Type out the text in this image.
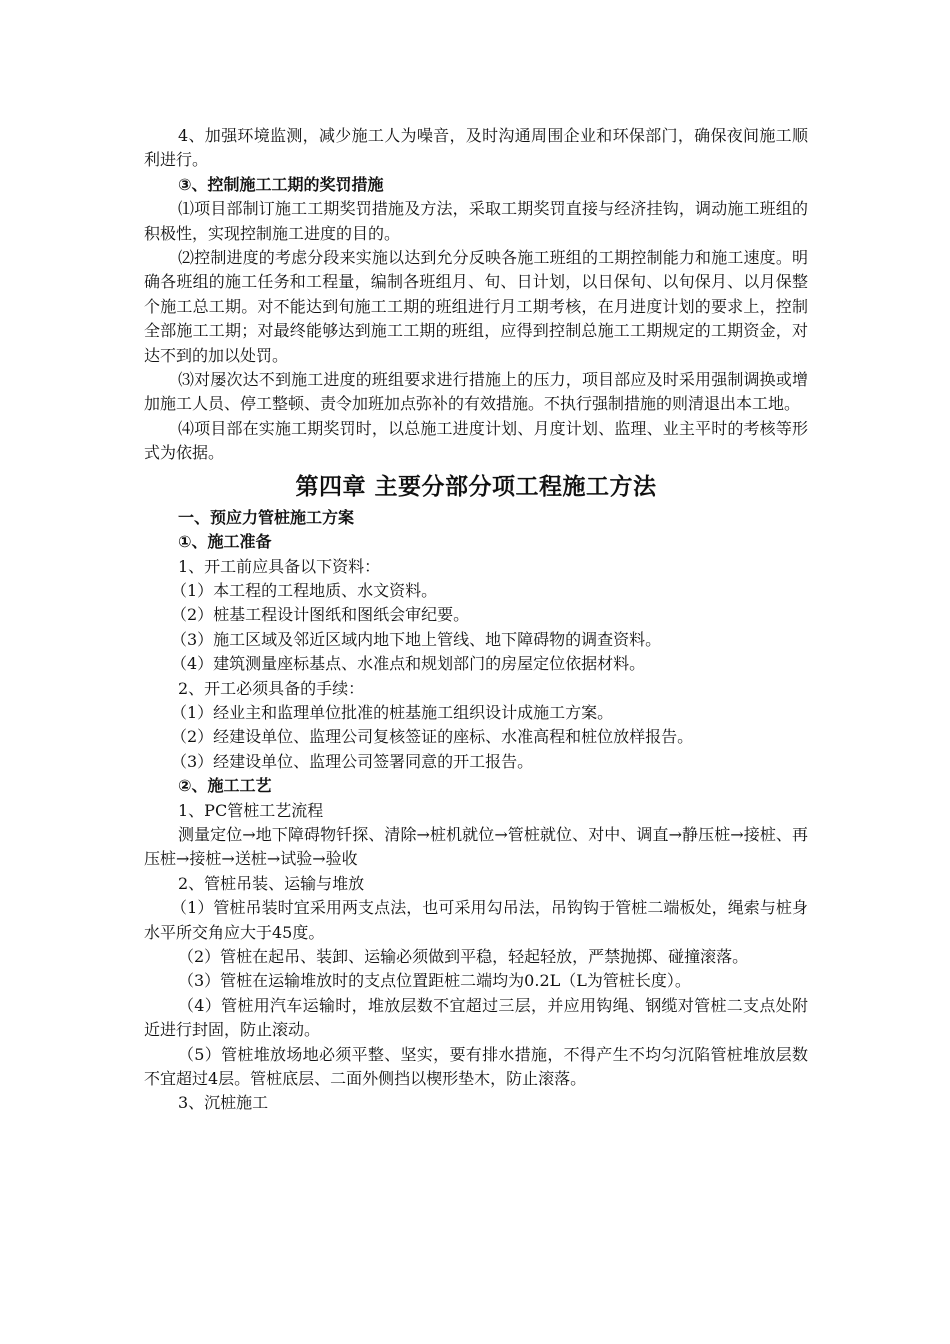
4、加强环境监测，减少施工人为噪音，及时沟通周围企业和环保部门，确保夜间施工顺利进行。
③、控制施工工期的奖罚措施
⑴项目部制订施工工期奖罚措施及方法，采取工期奖罚直接与经济挂钩，调动施工班组的积极性，实现控制施工进度的目的。
⑵控制进度的考虑分段来实施以达到允分反映各施工班组的工期控制能力和施工速度。明确各班组的施工任务和工程量，编制各班组月、旬、日计划，以日保旬、以旬保月、以月保整个施工总工期。对不能达到旬施工工期的班组进行月工期考核，在月进度计划的要求上，控制全部施工工期；对最终能够达到施工工期的班组，应得到控制总施工工期规定的工期资金，对达不到的加以处罚。
⑶对屡次达不到施工进度的班组要求进行措施上的压力，项目部应及时采用强制调换或增加施工人员、停工整顿、责令加班加点弥补的有效措施。不执行强制措施的则清退出本工地。
⑷项目部在实施工期奖罚时，以总施工进度计划、月度计划、监理、业主平时的考核等形式为依据。
第四章 主要分部分项工程施工方法
一、预应力管桩施工方案
①、施工准备
1、开工前应具备以下资料：
（1）本工程的工程地质、水文资料。
（2）桩基工程设计图纸和图纸会审纪要。
（3）施工区域及邻近区域内地下地上管线、地下障碍物的调查资料。
（4）建筑测量座标基点、水准点和规划部门的房屋定位依据材料。
2、开工必须具备的手续：
（1）经业主和监理单位批准的桩基施工组织设计成施工方案。
（2）经建设单位、监理公司复核签证的座标、水准高程和桩位放样报告。
（3）经建设单位、监理公司签署同意的开工报告。
②、施工工艺
1、PC管桩工艺流程
测量定位→地下障碍物钎探、清除→桩机就位→管桩就位、对中、调直→静压桩→接桩、再压桩→接桩→送桩→试验→验收
2、管桩吊装、运输与堆放
（1）管桩吊装时宜采用两支点法，也可采用勾吊法，吊钩钩于管桩二端板处，绳索与桩身水平所交角应大于45度。
（2）管桩在起吊、装卸、运输必须做到平稳，轻起轻放，严禁抛掷、碰撞滚落。
（3）管桩在运输堆放时的支点位置距桩二端均为0.2L（L为管桩长度）。
（4）管桩用汽车运输时，堆放层数不宜超过三层，并应用钩绳、钢缆对管桩二支点处附近进行封固，防止滚动。
（5）管桩堆放场地必须平整、坚实，要有排水措施，不得产生不均匀沉陷管桩堆放层数不宜超过4层。管桩底层、二面外侧挡以楔形垫木，防止滚落。
3、沉桩施工
